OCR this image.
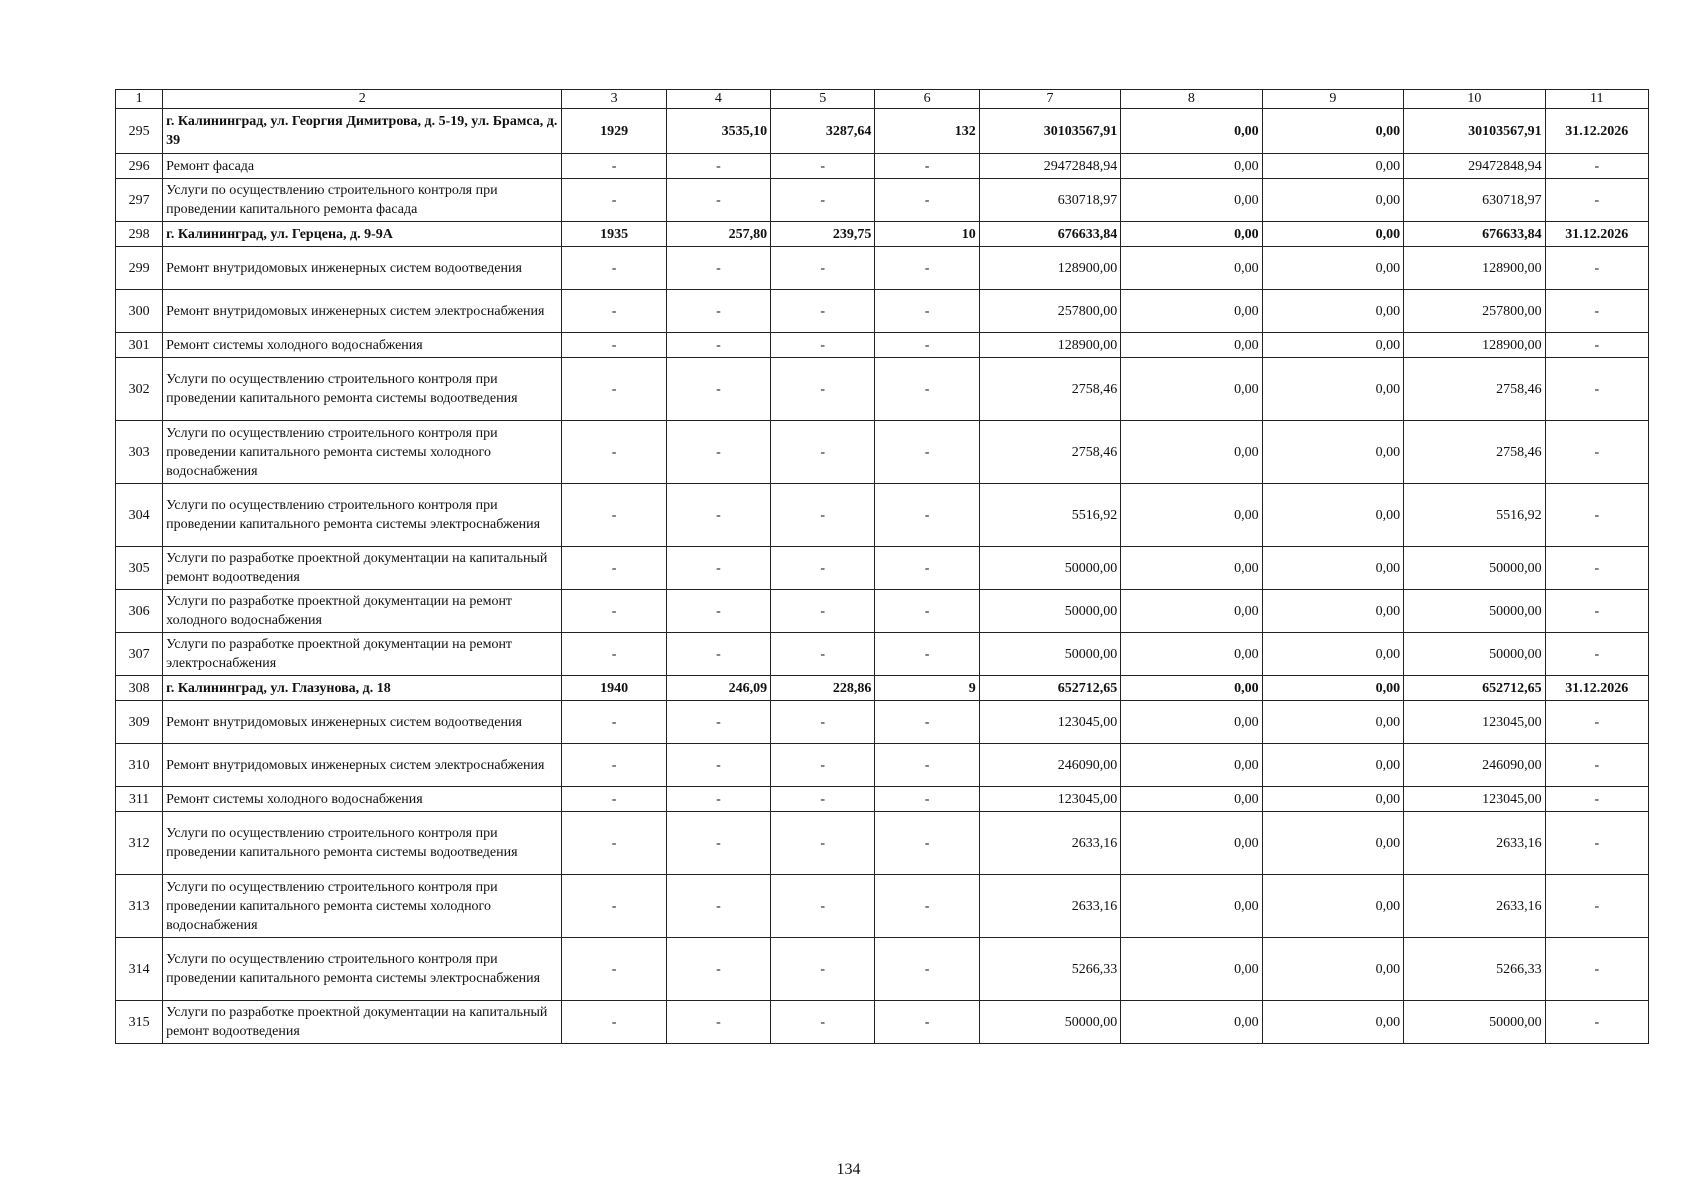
1	2	3	4	5	6	7	8	9	10	11
295	г. Калининград, ул. Георгия Димитрова, д. 5-19, ул. Брамса, д. 39	1929	3535,10	3287,64	132	30103567,91	0,00	0,00	30103567,91	31.12.2026
296	Ремонт фасада	-	-	-	-	29472848,94	0,00	0,00	29472848,94	-
297	Услуги по осуществлению строительного контроля при проведении капитального ремонта фасада	-	-	-	-	630718,97	0,00	0,00	630718,97	-
298	г. Калининград, ул. Герцена, д. 9-9А	1935	257,80	239,75	10	676633,84	0,00	0,00	676633,84	31.12.2026
299	Ремонт внутридомовых инженерных систем водоотведения	-	-	-	-	128900,00	0,00	0,00	128900,00	-
300	Ремонт внутридомовых инженерных систем электроснабжения	-	-	-	-	257800,00	0,00	0,00	257800,00	-
301	Ремонт системы холодного водоснабжения	-	-	-	-	128900,00	0,00	0,00	128900,00	-
302	Услуги по осуществлению строительного контроля при проведении капитального ремонта системы водоотведения	-	-	-	-	2758,46	0,00	0,00	2758,46	-
303	Услуги по осуществлению строительного контроля при проведении капитального ремонта системы холодного водоснабжения	-	-	-	-	2758,46	0,00	0,00	2758,46	-
304	Услуги по осуществлению строительного контроля при проведении капитального ремонта системы электроснабжения	-	-	-	-	5516,92	0,00	0,00	5516,92	-
305	Услуги по разработке проектной документации на капитальный ремонт водоотведения	-	-	-	-	50000,00	0,00	0,00	50000,00	-
306	Услуги по разработке проектной документации на ремонт холодного водоснабжения	-	-	-	-	50000,00	0,00	0,00	50000,00	-
307	Услуги по разработке проектной документации на ремонт электроснабжения	-	-	-	-	50000,00	0,00	0,00	50000,00	-
308	г. Калининград, ул. Глазунова, д. 18	1940	246,09	228,86	9	652712,65	0,00	0,00	652712,65	31.12.2026
309	Ремонт внутридомовых инженерных систем водоотведения	-	-	-	-	123045,00	0,00	0,00	123045,00	-
310	Ремонт внутридомовых инженерных систем электроснабжения	-	-	-	-	246090,00	0,00	0,00	246090,00	-
311	Ремонт системы холодного водоснабжения	-	-	-	-	123045,00	0,00	0,00	123045,00	-
312	Услуги по осуществлению строительного контроля при проведении капитального ремонта системы водоотведения	-	-	-	-	2633,16	0,00	0,00	2633,16	-
313	Услуги по осуществлению строительного контроля при проведении капитального ремонта системы холодного водоснабжения	-	-	-	-	2633,16	0,00	0,00	2633,16	-
314	Услуги по осуществлению строительного контроля при проведении капитального ремонта системы электроснабжения	-	-	-	-	5266,33	0,00	0,00	5266,33	-
315	Услуги по разработке проектной документации на капитальный ремонт водоотведения	-	-	-	-	50000,00	0,00	0,00	50000,00	-
134
